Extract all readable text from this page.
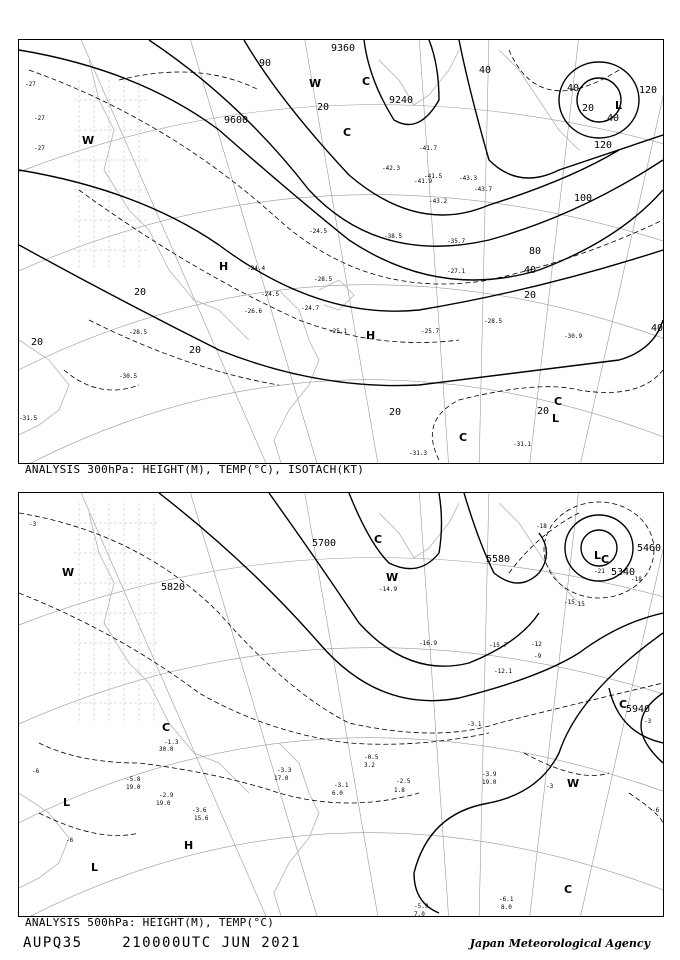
9600
9240
9360
90
20
40
40	120
120
100
80
40
20
20
20
20
20	20
40
20
40
-27
-27
-27
-24.5
-24.4
-24.5
-28.5
-24.7
-25.1	-25.7
-28.5
-30.9
-31.3
-31.1
-41.9
-43.2
-41.7
-38.5
-35.7
-27.1
-42.3
-41.5	-43.3
-43.7
-26.6
-30.5
-28.5
-31.5
L
C
C
W
W
H
H
C
L
C
ANALYSIS 300hPa: HEIGHT(M), TEMP(°C), ISOTACH(KT)
5700
5820
5580
5340
5460
5940
-3	-18
-21
-18
-15
-12
-9
-6
-6
-3
-3
-6
-5.9
7.0
-6.1
8.0
-3.9
19.0
-2.5
1.8
-0.5
3.2
-3.1
6.0
-5.8
19.0
-2.9
19.0
-3.6
15.6
-1.3
30.0
-3.3
17.0
-14.9
-16.9	-15.7
-12.1
-3.1
-15
L C
C
W
W
C
C
H
L
L
C
W
ANALYSIS 500hPa: HEIGHT(M), TEMP(°C)
AUPQ35	210000UTC JUN 2021	Japan Meteorological Agency
